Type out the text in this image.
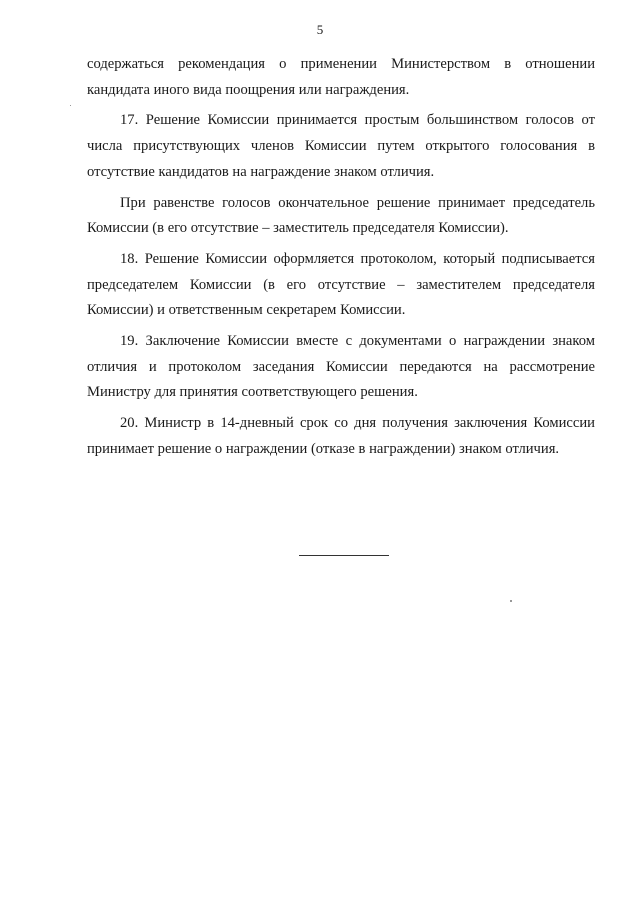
5

содержаться рекомендация о применении Министерством в отношении кандидата иного вида поощрения или награждения.

17. Решение Комиссии принимается простым большинством голосов от числа присутствующих членов Комиссии путем открытого голосования в отсутствие кандидатов на награждение знаком отличия.

При равенстве голосов окончательное решение принимает председатель Комиссии (в его отсутствие – заместитель председателя Комиссии).

18. Решение Комиссии оформляется протоколом, который подписывается председателем Комиссии (в его отсутствие – заместителем председателя Комиссии) и ответственным секретарем Комиссии.

19. Заключение Комиссии вместе с документами о награждении знаком отличия и протоколом заседания Комиссии передаются на рассмотрение Министру для принятия соответствующего решения.

20. Министр в 14-дневный срок со дня получения заключения Комиссии принимает решение о награждении (отказе в награждении) знаком отличия.
